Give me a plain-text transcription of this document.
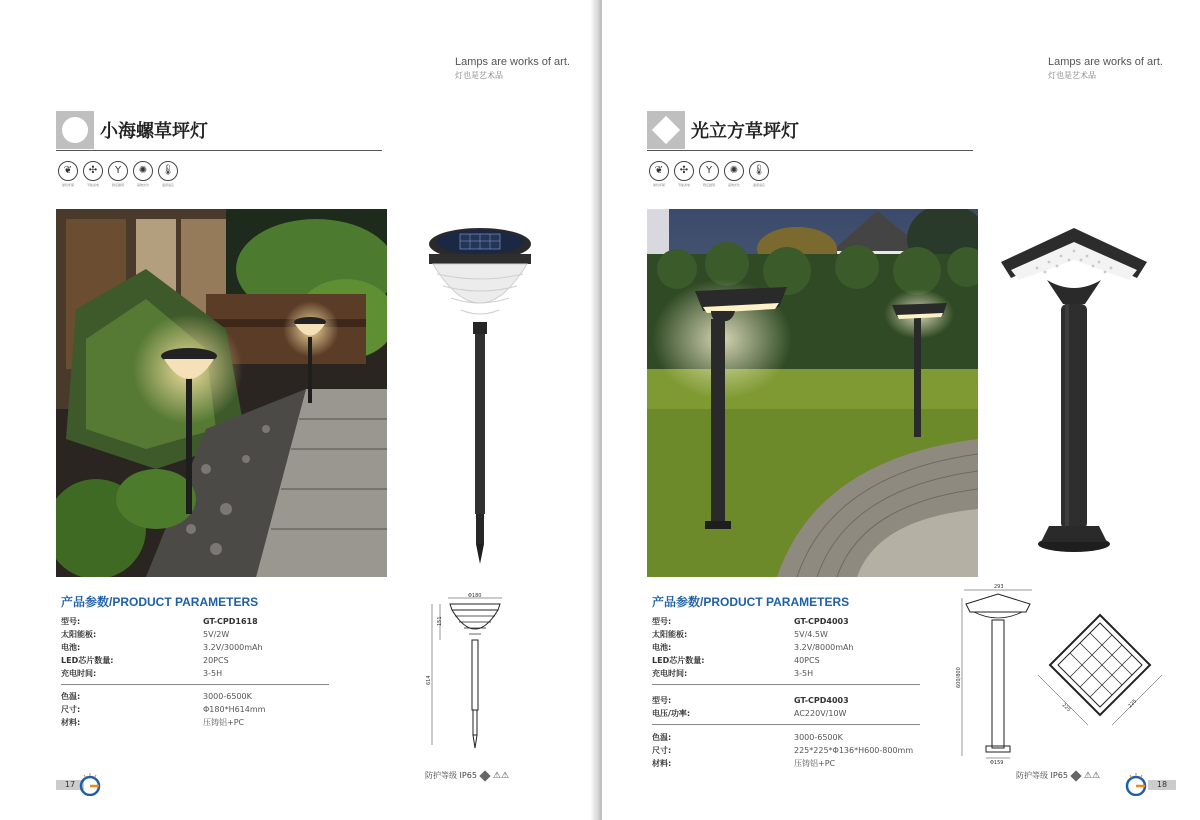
Lamps are works of art.
灯也是艺术品
小海螺草坪灯
❦
绿色环保
✣
节能省电
Y
稳定耐用
✺
高效光伏
🌡︎
温度适应
产品参数/PRODUCT PARAMETERS
型号:	GT-CPD1618
太阳能板:	5V/2W
电池:	3.2V/3000mAh
LED芯片数量:	20PCS
充电时间:	3-5H
色温:	3000-6500K
尺寸:	Φ180*H614mm
材料:	压铸铝+PC
Φ180
151
614
防护等级 IP65 ⚠⚠
17
Lamps are works of art.
灯也是艺术品
光立方草坪灯
❦
绿色环保
✣
节能省电
Y
稳定耐用
✺
高效光伏
🌡︎
温度适应
产品参数/PRODUCT PARAMETERS
型号:	GT-CPD4003
太阳能板:	5V/4.5W
电池:	3.2V/8000mAh
LED芯片数量:	40PCS
充电时间:	3-5H
型号:	GT-CPD4003
电压/功率:	AC220V/10W
色温:	3000-6500K
尺寸:	225*225*Φ136*H600-800mm
材料:	压铸铝+PC
293
600/800
Φ159
225	225
防护等级 IP65 ⚠⚠
18
